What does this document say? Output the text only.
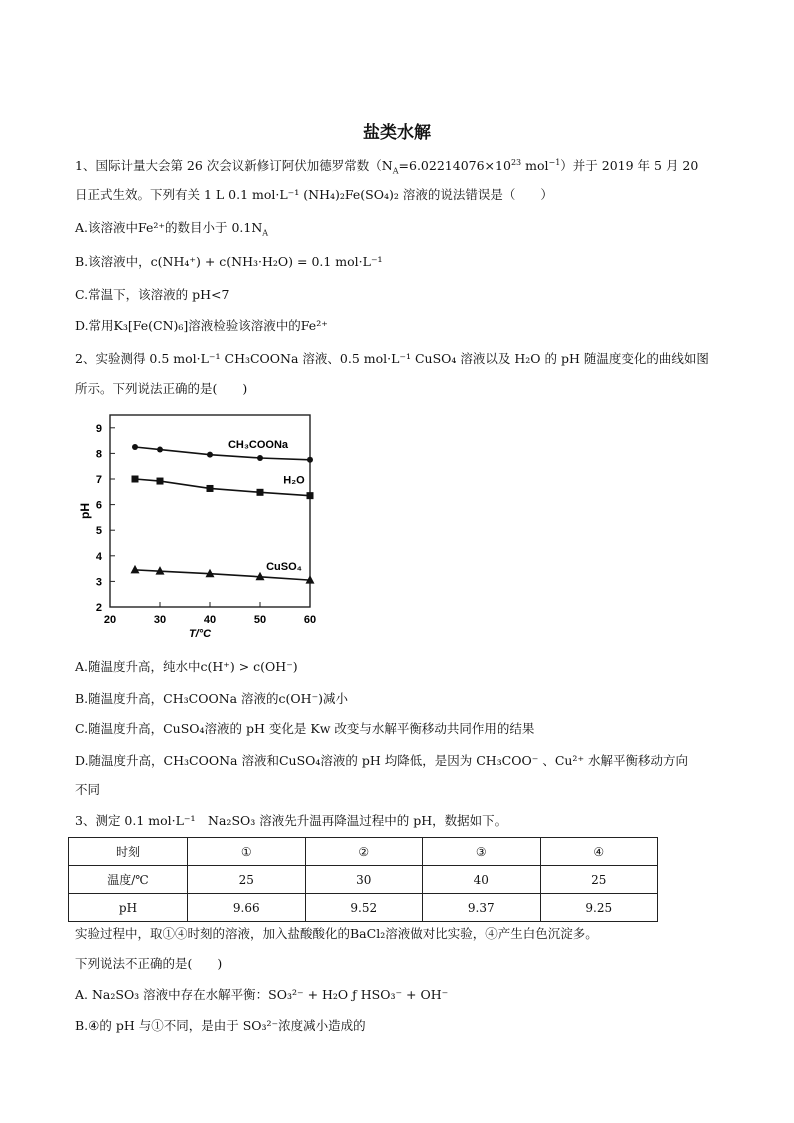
盐类水解
1、国际计量大会第 26 次会议新修订阿伏加德罗常数（$N_A=6.02214076\times 10^{23}$ mol$^{-1}$）并于 2019 年 5 月 20
日正式生效。下列有关 1 L 0.1 mol·L⁻¹ (NH₄)₂Fe(SO₄)₂ 溶液的说法错误是（　　）
A.该溶液中Fe²⁺的数目小于 $0.1N_A$
B.该溶液中，c(NH₄⁺) + c(NH₃·H₂O) = 0.1 mol·L⁻¹
C.常温下，该溶液的 pH<7
D.常用K₃[Fe(CN)₆]溶液检验该溶液中的Fe²⁺
2、实验测得 0.5 mol·L⁻¹ CH₃COONa 溶液、0.5 mol·L⁻¹ CuSO₄ 溶液以及 H₂O 的 pH 随温度变化的曲线如图
所示。下列说法正确的是(　　)
2
3
4
5
6
7
8
9
20	30	40	50	60
T/°C
pH
CH₃COONa
H₂O
CuSO₄
A.随温度升高，纯水中c(H⁺) > c(OH⁻)
B.随温度升高，CH₃COONa 溶液的c(OH⁻)减小
C.随温度升高，CuSO₄溶液的 pH 变化是 Kw 改变与水解平衡移动共同作用的结果
D.随温度升高，CH₃COONa 溶液和CuSO₄溶液的 pH 均降低，是因为 CH₃COO⁻ 、Cu²⁺ 水解平衡移动方向
不同
3、测定 0.1 mol·L⁻¹　Na₂SO₃ 溶液先升温再降温过程中的 pH，数据如下。
时刻	①	②	③	④
温度/℃	25	30	40	25
pH	9.66	9.52	9.37	9.25
实验过程中，取①④时刻的溶液，加入盐酸酸化的BaCl₂溶液做对比实验，④产生白色沉淀多。
下列说法不正确的是(　　)
A. Na₂SO₃ 溶液中存在水解平衡：SO₃²⁻ + H₂O ƒ HSO₃⁻ + OH⁻
B.④的 pH 与①不同，是由于 SO₃²⁻浓度减小造成的
